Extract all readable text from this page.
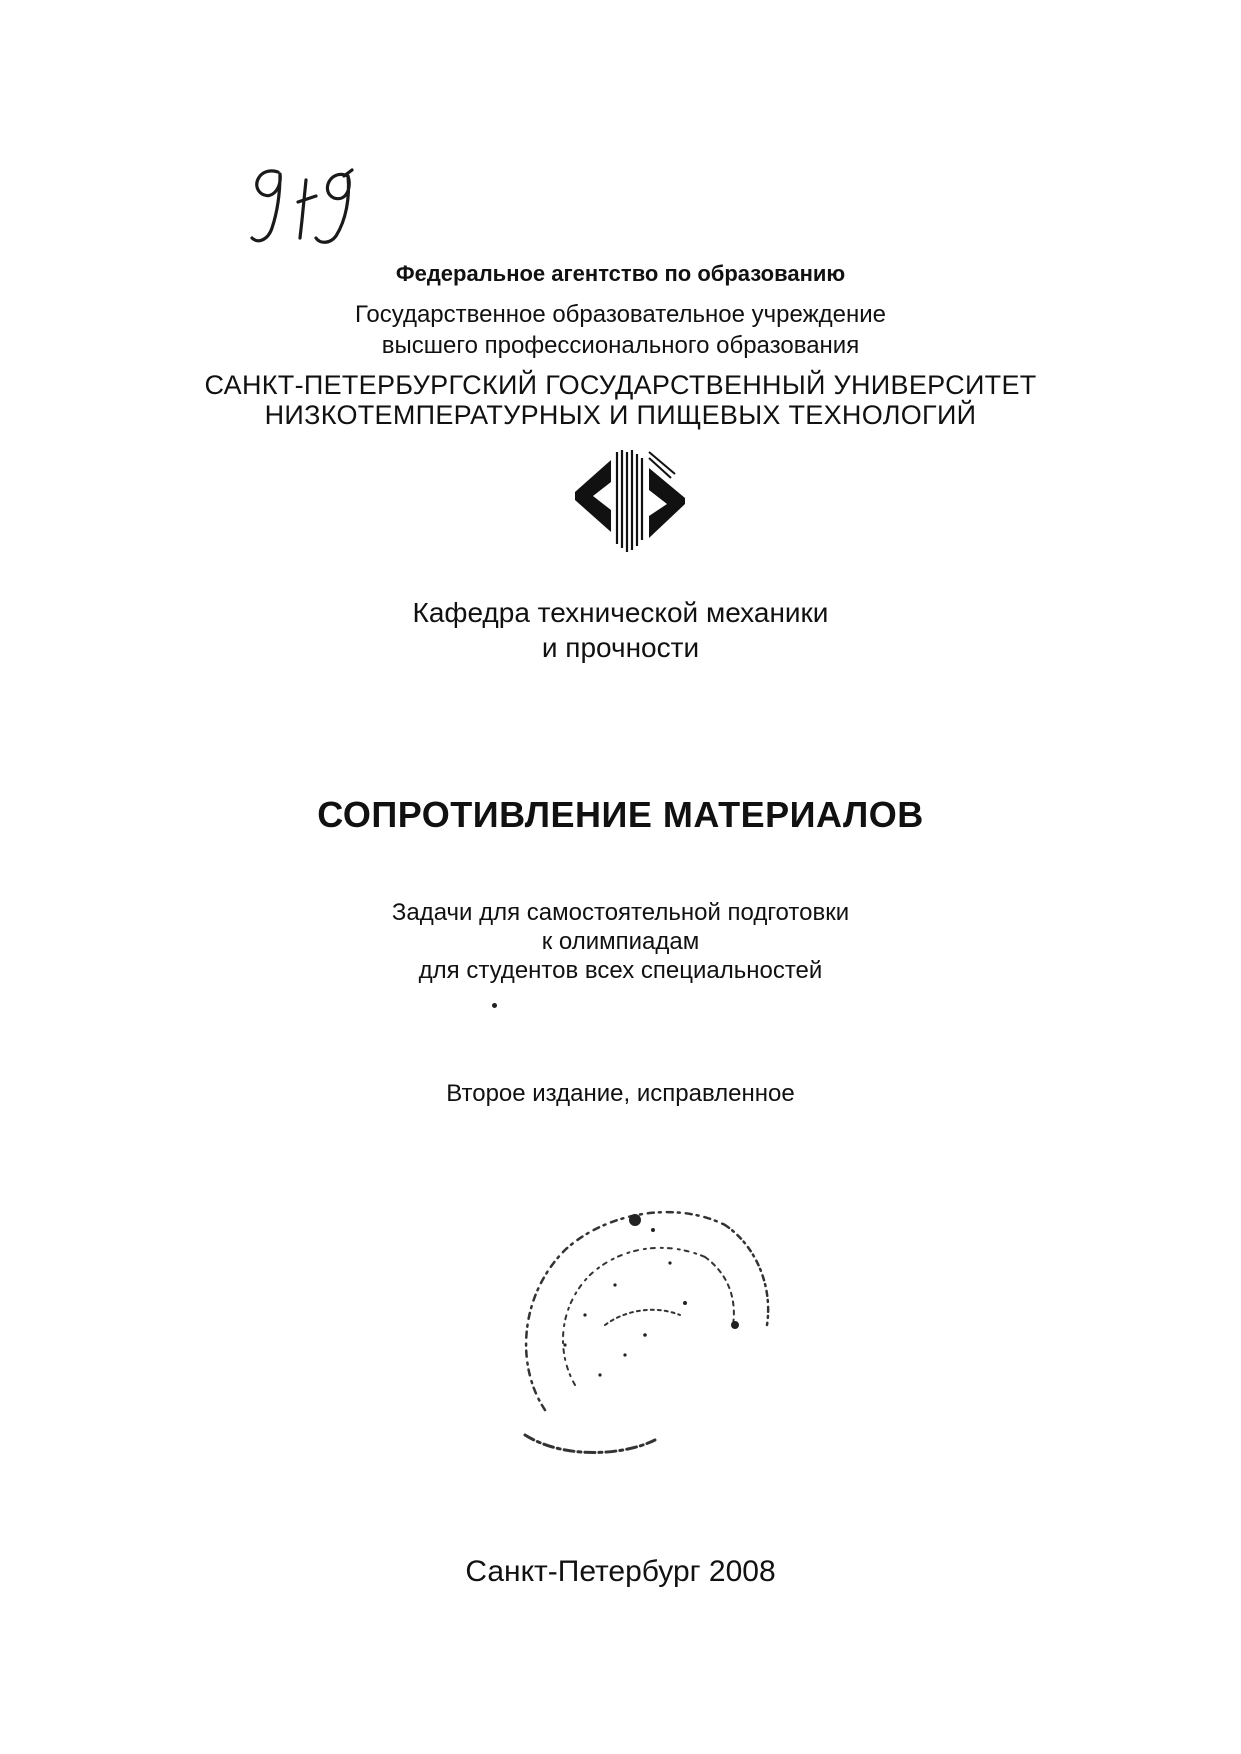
Федеральное агентство по образованию
Государственное образовательное учреждение
высшего профессионального образования
САНКТ-ПЕТЕРБУРГСКИЙ ГОСУДАРСТВЕННЫЙ УНИВЕРСИТЕТ
НИЗКОТЕМПЕРАТУРНЫХ И ПИЩЕВЫХ ТЕХНОЛОГИЙ
Кафедра технической механики
и прочности
СОПРОТИВЛЕНИЕ МАТЕРИАЛОВ
Задачи для самостоятельной подготовки
к олимпиадам
для студентов всех специальностей
Второе издание, исправленное
Санкт-Петербург 2008
